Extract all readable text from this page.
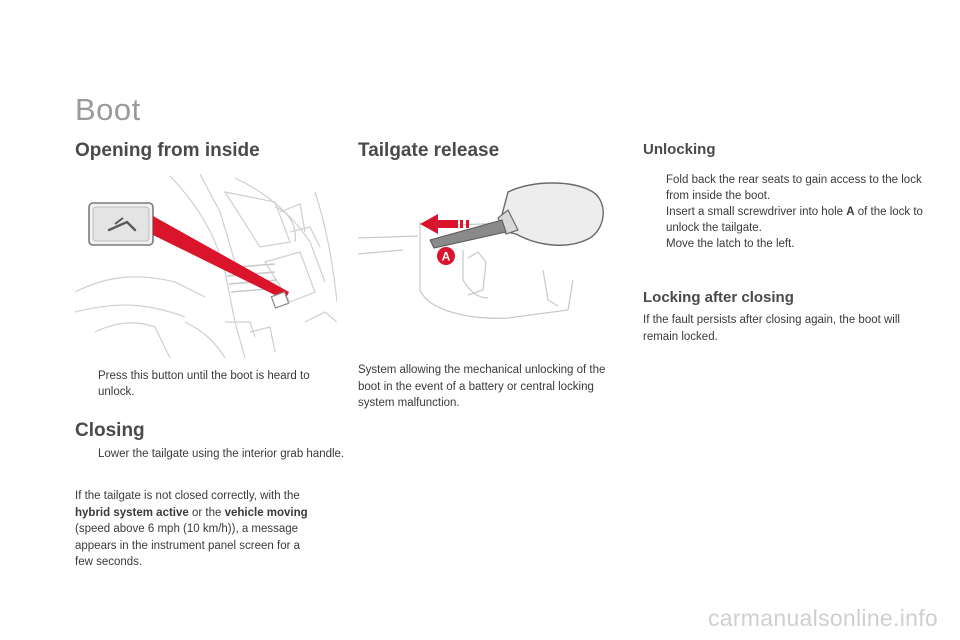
Boot
Opening from inside
Press this button until the boot is heard to unlock.
Closing
Lower the tailgate using the interior grab handle.
If the tailgate is not closed correctly, with the hybrid system active or the vehicle moving (speed above 6 mph (10 km/h)), a message appears in the instrument panel screen for a few seconds.
Tailgate release
A
System allowing the mechanical unlocking of the boot in the event of a battery or central locking system malfunction.
Unlocking
Fold back the rear seats to gain access to the lock from inside the boot.
Insert a small screwdriver into hole A of the lock to unlock the tailgate.
Move the latch to the left.
Locking after closing
If the fault persists after closing again, the boot will remain locked.
carmanualsonline.info
